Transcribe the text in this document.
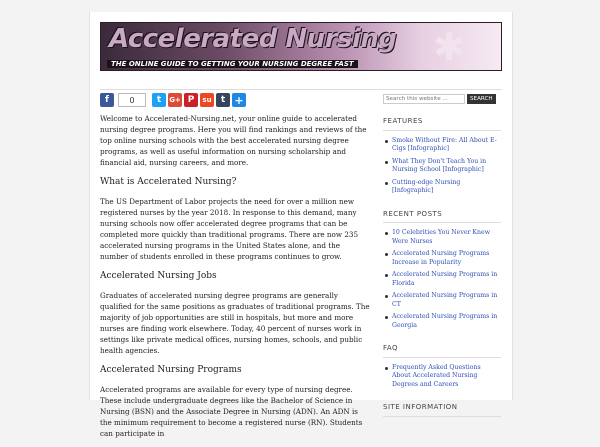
Accelerated Nursing
THE ONLINE GUIDE TO GETTING YOUR NURSING DEGREE FAST ✱
f	0	t	G+ P	su	t +

Welcome to Accelerated-Nursing.net, your online guide to accelerated nursing degree programs. Here you will find rankings and reviews of the top online nursing schools with the best accelerated nursing degree programs, as well as useful information on nursing scholarship and financial aid, nursing careers, and more.

What is Accelerated Nursing?

The US Department of Labor projects the need for over a million new registered nurses by the year 2018. In response to this demand, many nursing schools now offer accelerated degree programs that can be completed more quickly than traditional programs. There are now 235 accelerated nursing programs in the United States alone, and the number of students enrolled in these programs continues to grow.

Accelerated Nursing Jobs

Graduates of accelerated nursing degree programs are generally qualified for the same positions as graduates of traditional programs. The majority of job opportunities are still in hospitals, but more and more nurses are finding work elsewhere. Today, 40 percent of nurses work in settings like private medical offices, nursing homes, schools, and public health agencies.

Accelerated Nursing Programs

Accelerated programs are available for every type of nursing degree. These include undergraduate degrees like the Bachelor of Science in Nursing (BSN) and the Associate Degree in Nursing (ADN). An ADN is the minimum requirement to become a registered nurse (RN). Students can participate in

Search this website ...
SEARCH
FEATURES
Smoke Without Fire: All About E-Cigs [Infographic]
What They Don't Teach You in Nursing School [Infographic]
Cutting-edge Nursing [Infographic]
RECENT POSTS
10 Celebrities You Never Knew Were Nurses
Accelerated Nursing Programs Increase in Popularity
Accelerated Nursing Programs in Florida
Accelerated Nursing Programs in CT
Accelerated Nursing Programs in Georgia
FAQ
Frequently Asked Questions About Accelerated Nursing Degrees and Careers
SITE INFORMATION
